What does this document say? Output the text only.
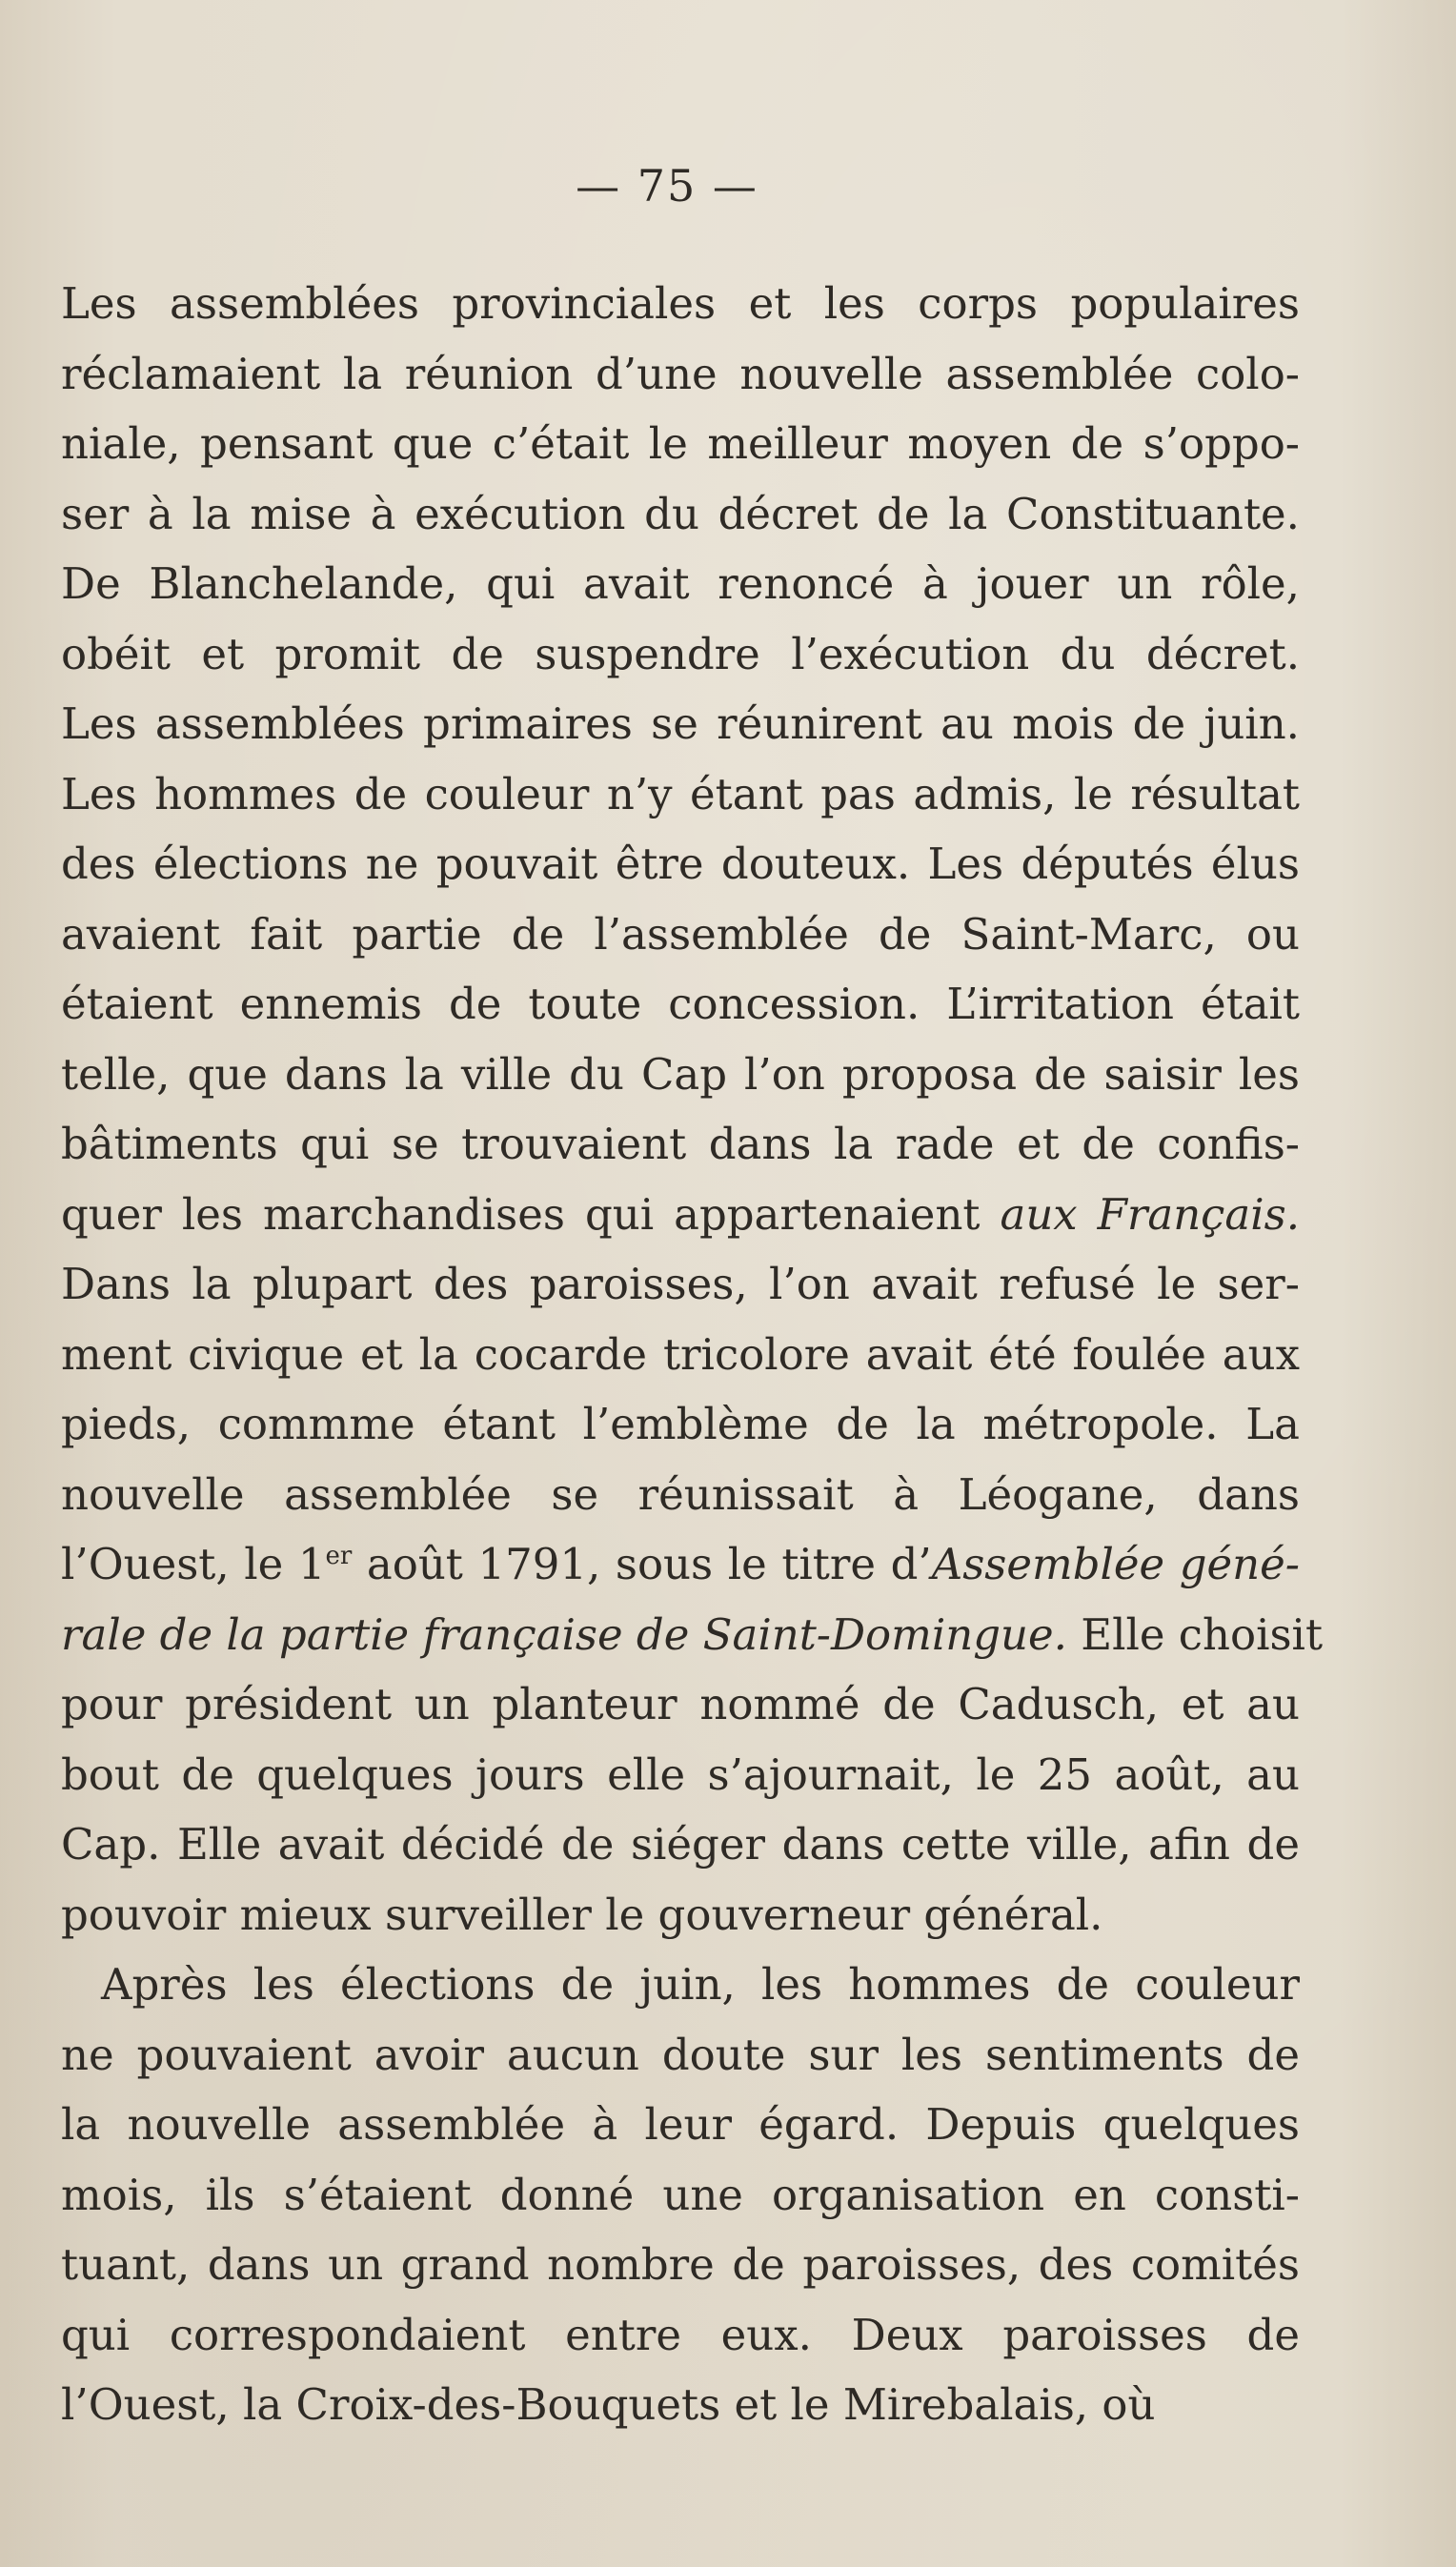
— 75 —
Les assemblées provinciales et les corps populaires
réclamaient la réunion d’une nouvelle assemblée colo-
niale, pensant que c’était le meilleur moyen de s’oppo-
ser à la mise à exécution du décret de la Constituante.
De Blanchelande, qui avait renoncé à jouer un rôle,
obéit et promit de suspendre l’exécution du décret.
Les assemblées primaires se réunirent au mois de juin.
Les hommes de couleur n’y étant pas admis, le résultat
des élections ne pouvait être douteux. Les députés élus
avaient fait partie de l’assemblée de Saint-Marc, ou
étaient ennemis de toute concession. L’irritation était
telle, que dans la ville du Cap l’on proposa de saisir les
bâtiments qui se trouvaient dans la rade et de confis-
quer les marchandises qui appartenaient aux Français.
Dans la plupart des paroisses, l’on avait refusé le ser-
ment civique et la cocarde tricolore avait été foulée aux
pieds, commme étant l’emblème de la métropole. La
nouvelle assemblée se réunissait à Léogane, dans
l’Ouest, le 1er août 1791, sous le titre d’Assemblée géné-
rale de la partie française de Saint-Domingue. Elle choisit
pour président un planteur nommé de Cadusch, et au
bout de quelques jours elle s’ajournait, le 25 août, au
Cap. Elle avait décidé de siéger dans cette ville, afin de
pouvoir mieux surveiller le gouverneur général.
Après les élections de juin, les hommes de couleur
ne pouvaient avoir aucun doute sur les sentiments de
la nouvelle assemblée à leur égard. Depuis quelques
mois, ils s’étaient donné une organisation en consti-
tuant, dans un grand nombre de paroisses, des comités
qui correspondaient entre eux. Deux paroisses de
l’Ouest, la Croix-des-Bouquets et le Mirebalais, où
